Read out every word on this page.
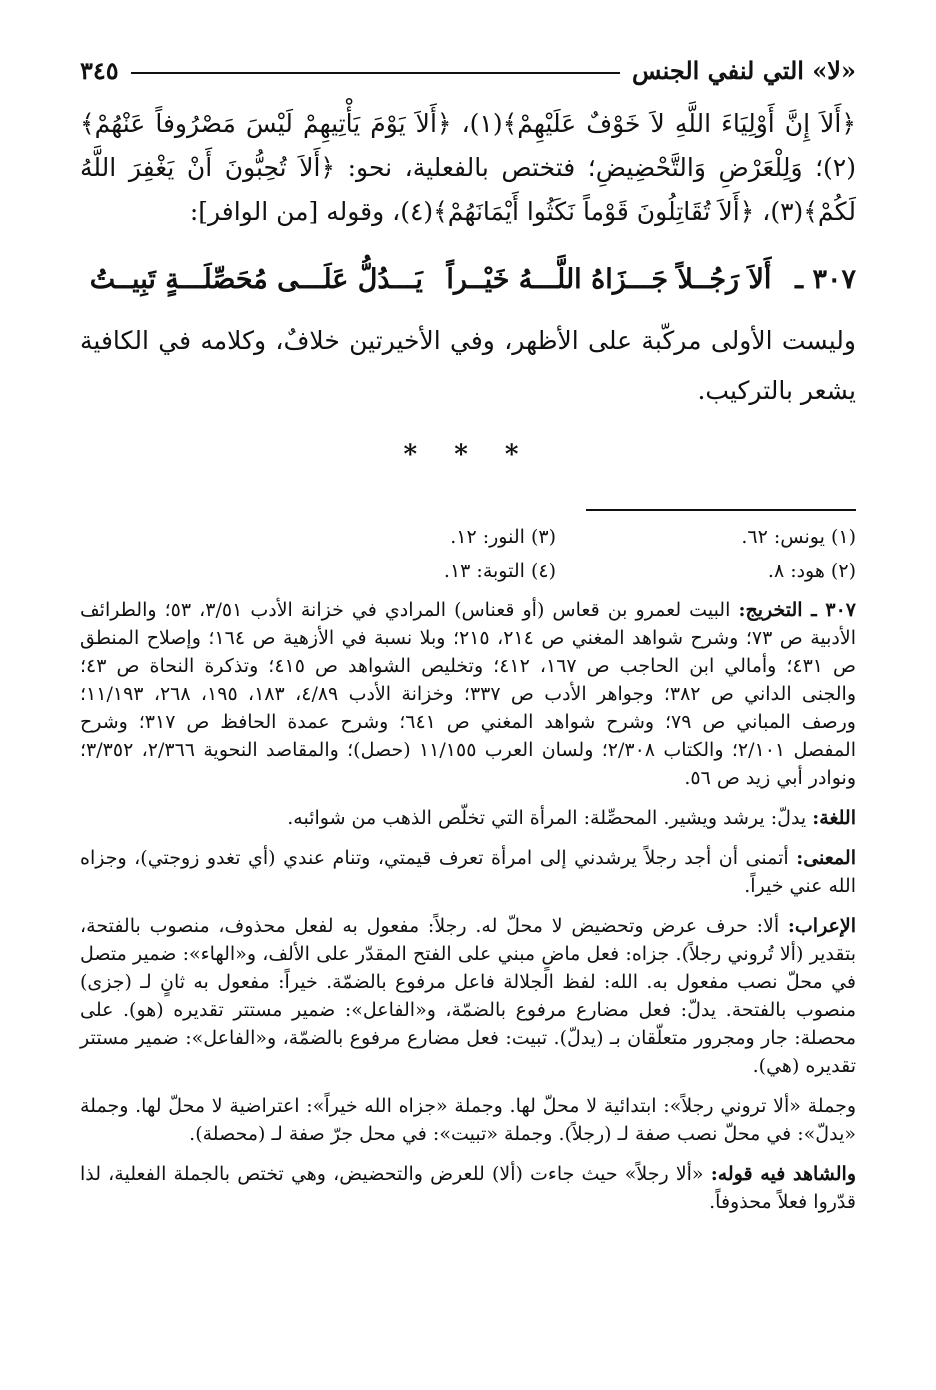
«لا» التي لنفي الجنس
٣٤٥

﴿أَلاَ إِنَّ أَوْلِيَاءَ اللَّهِ لاَ خَوْفٌ عَلَيْهِمْ﴾(١)، ﴿أَلاَ يَوْمَ يَأْتِيهِمْ لَيْسَ مَصْرُوفاً عَنْهُمْ﴾(٢)؛ وَلِلْعَرْضِ وَالتَّحْضِيضِ؛ فتختص بالفعلية، نحو: ﴿أَلاَ تُحِبُّونَ أَنْ يَغْفِرَ اللَّهُ لَكُمْ﴾(٣)، ﴿أَلاَ تُقَاتِلُونَ قَوْماً نَكَثُوا أَيْمَانَهُمْ﴾(٤)، وقوله [من الوافر]:

٣٠٧ ـ
أَلاَ رَجُــلاً جَـــزَاهُ اللَّـــهُ خَيْــراً
يَـــدُلُّ عَلَـــى مُحَصِّلَـــةٍ تَبِيــتُ

وليست الأولى مركّبة على الأظهر، وفي الأخيرتين خلافٌ، وكلامه في الكافية يشعر بالتركيب.

* * *
(١) يونس: ٦٢.
(٣) النور: ١٢.
(٢) هود: ٨.
(٤) التوبة: ١٣.

٣٠٧ ـ التخريج: البيت لعمرو بن قعاس (أو قعناس) المرادي في خزانة الأدب ٣/٥١، ٥٣؛ والطرائف الأدبية ص ٧٣؛ وشرح شواهد المغني ص ٢١٤، ٢١٥؛ وبلا نسبة في الأزهية ص ١٦٤؛ وإصلاح المنطق ص ٤٣١؛ وأمالي ابن الحاجب ص ١٦٧، ٤١٢؛ وتخليص الشواهد ص ٤١٥؛ وتذكرة النحاة ص ٤٣؛ والجنى الداني ص ٣٨٢؛ وجواهر الأدب ص ٣٣٧؛ وخزانة الأدب ٤/٨٩، ١٨٣، ١٩٥، ٢٦٨، ١١/١٩٣؛ ورصف المباني ص ٧٩؛ وشرح شواهد المغني ص ٦٤١؛ وشرح عمدة الحافظ ص ٣١٧؛ وشرح المفصل ٢/١٠١؛ والكتاب ٢/٣٠٨؛ ولسان العرب ١١/١٥٥ (حصل)؛ والمقاصد النحوية ٢/٣٦٦، ٣/٣٥٢؛ ونوادر أبي زيد ص ٥٦.

اللغة: يدلّ: يرشد ويشير. المحصِّلة: المرأة التي تخلّص الذهب من شوائبه.

المعنى: أتمنى أن أجد رجلاً يرشدني إلى امرأة تعرف قيمتي، وتنام عندي (أي تغدو زوجتي)، وجزاه الله عني خيراً.

الإعراب: ألا: حرف عرض وتحضيض لا محلّ له. رجلاً: مفعول به لفعل محذوف، منصوب بالفتحة، بتقدير (ألا تُروني رجلاً). جزاه: فعل ماضٍ مبني على الفتح المقدّر على الألف، و«الهاء»: ضمير متصل في محلّ نصب مفعول به. الله: لفظ الجلالة فاعل مرفوع بالضمّة. خيراً: مفعول به ثانٍ لـ (جزى) منصوب بالفتحة. يدلّ: فعل مضارع مرفوع بالضمّة، و«الفاعل»: ضمير مستتر تقديره (هو). على محصلة: جار ومجرور متعلّقان بـ (يدلّ). تبيت: فعل مضارع مرفوع بالضمّة، و«الفاعل»: ضمير مستتر تقديره (هي).

وجملة «ألا تروني رجلاً»: ابتدائية لا محلّ لها. وجملة «جزاه الله خيراً»: اعتراضية لا محلّ لها. وجملة «يدلّ»: في محلّ نصب صفة لـ (رجلاً). وجملة «تبيت»: في محل جرّ صفة لـ (محصلة).

والشاهد فيه قوله: «ألا رجلاً» حيث جاءت (ألا) للعرض والتحضيض، وهي تختص بالجملة الفعلية، لذا قدّروا فعلاً محذوفاً.
